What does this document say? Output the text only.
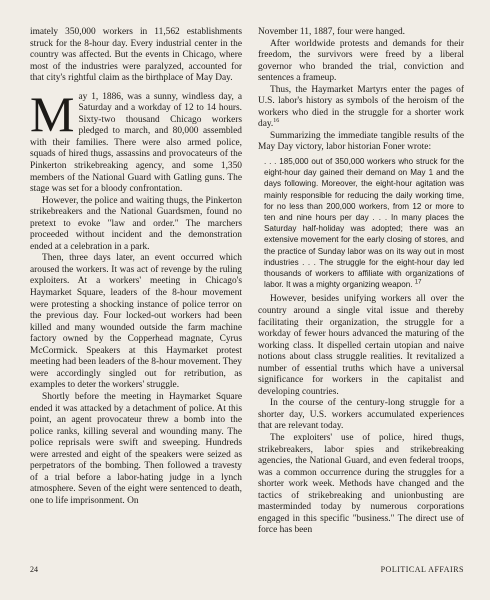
imately 350,000 workers in 11,562 establishments struck for the 8-hour day. Every industrial center in the country was affected. But the events in Chicago, where most of the industries were paralyzed, accounted for that city's rightful claim as the birthplace of May Day.

May 1, 1886, was a sunny, windless day, a Saturday and a workday of 12 to 14 hours. Sixty-two thousand Chicago workers pledged to march, and 80,000 assembled with their families. There were also armed police, squads of hired thugs, assassins and provocateurs of the Pinkerton strikebreaking agency, and some 1,350 members of the National Guard with Gatling guns. The stage was set for a bloody confrontation.

However, the police and waiting thugs, the Pinkerton strikebreakers and the National Guardsmen, found no pretext to evoke "law and order." The marchers proceeded without incident and the demonstration ended at a celebration in a park.

Then, three days later, an event occurred which aroused the workers. It was act of revenge by the ruling exploiters. At a workers' meeting in Chicago's Haymarket Square, leaders of the 8-hour movement were protesting a shocking instance of police terror on the previous day. Four locked-out workers had been killed and many wounded outside the farm machine factory owned by the Copperhead magnate, Cyrus McCormick. Speakers at this Haymarket protest meeting had been leaders of the 8-hour movement. They were accordingly singled out for retribution, as examples to deter the workers' struggle.

Shortly before the meeting in Haymarket Square ended it was attacked by a detachment of police. At this point, an agent provocateur threw a bomb into the police ranks, killing several and wounding many. The police reprisals were swift and sweeping. Hundreds were arrested and eight of the speakers were seized as perpetrators of the bombing. Then followed a travesty of a trial before a labor-hating judge in a lynch atmosphere. Seven of the eight were sentenced to death, one to life imprisonment. On

November 11, 1887, four were hanged.

After worldwide protests and demands for their freedom, the survivors were freed by a liberal governor who branded the trial, conviction and sentences a frameup.

Thus, the Haymarket Martyrs enter the pages of U.S. labor's history as symbols of the heroism of the workers who died in the struggle for a shorter work day.$^{16}$

Summarizing the immediate tangible results of the May Day victory, labor historian Foner wrote:

. . . 185,000 out of 350,000 workers who struck for the eight-hour day gained their demand on May 1 and the days following. Moreover, the eight-hour agitation was mainly responsible for reducing the daily working time, for no less than 200,000 workers, from 12 or more to ten and nine hours per day . . . In many places the Saturday half-holiday was adopted; there was an extensive movement for the early closing of stores, and the practice of Sunday labor was on its way out in most industries . . . The struggle for the eight-hour day led thousands of workers to affiliate with organizations of labor. It was a mighty organizing weapon. $^{17}$

However, besides unifying workers all over the country around a single vital issue and thereby facilitating their organization, the struggle for a workday of fewer hours advanced the maturing of the working class. It dispelled certain utopian and naive notions about class struggle realities. It revitalized a number of essential truths which have a universal significance for workers in the capitalist and developing countries.

In the course of the century-long struggle for a shorter day, U.S. workers accumulated experiences that are relevant today.

The exploiters' use of police, hired thugs, strikebreakers, labor spies and strikebreaking agencies, the National Guard, and even federal troops, was a common occurrence during the struggles for a shorter work week. Methods have changed and the tactics of strikebreaking and unionbusting are masterminded today by numerous corporations engaged in this specific "business." The direct use of force has been

24	POLITICAL AFFAIRS
